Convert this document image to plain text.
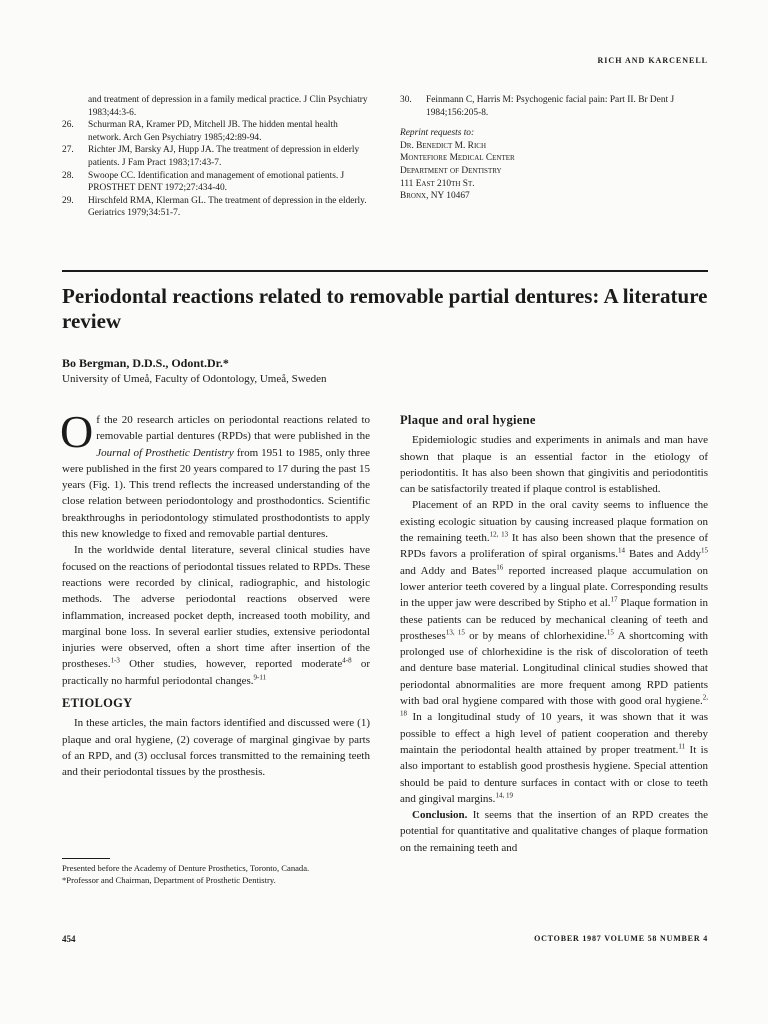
RICH AND KARCENELL
and treatment of depression in a family medical practice. J Clin Psychiatry 1983;44:3-6.
26.	Schurman RA, Kramer PD, Mitchell JB. The hidden mental health network. Arch Gen Psychiatry 1985;42:89-94.
27.	Richter JM, Barsky AJ, Hupp JA. The treatment of depression in elderly patients. J Fam Pract 1983;17:43-7.
28.	Swoope CC. Identification and management of emotional patients. J PROSTHET DENT 1972;27:434-40.
29.	Hirschfeld RMA, Klerman GL. The treatment of depression in the elderly. Geriatrics 1979;34:51-7.
30.	Feinmann C, Harris M: Psychogenic facial pain: Part II. Br Dent J 1984;156:205-8.
Reprint requests to:
Dr. Benedict M. Rich
Montefiore Medical Center
Department of Dentistry
111 East 210th St.
Bronx, NY 10467
Periodontal reactions related to removable partial dentures: A literature review
Bo Bergman, D.D.S., Odont.Dr.*
University of Umeå, Faculty of Odontology, Umeå, Sweden

Of the 20 research articles on periodontal reactions related to removable partial dentures (RPDs) that were published in the Journal of Prosthetic Dentistry from 1951 to 1985, only three were published in the first 20 years compared to 17 during the past 15 years (Fig. 1). This trend reflects the increased understanding of the close relation between periodontology and prosthodontics. Scientific breakthroughs in periodontology stimulated prosthodontists to apply this new knowledge to fixed and removable partial dentures.

In the worldwide dental literature, several clinical studies have focused on the reactions of periodontal tissues related to RPDs. These reactions were recorded by clinical, radiographic, and histologic methods. The adverse periodontal reactions observed were inflammation, increased pocket depth, increased tooth mobility, and marginal bone loss. In several earlier studies, extensive periodontal injuries were observed, often a short time after insertion of the prostheses.$^{1-3}$ Other studies, however, reported moderate$^{4-8}$ or practically no harmful periodontal changes.$^{9-11}$

ETIOLOGY

In these articles, the main factors identified and discussed were (1) plaque and oral hygiene, (2) coverage of marginal gingivae by parts of an RPD, and (3) occlusal forces transmitted to the remaining teeth and their periodontal tissues by the prosthesis.

Presented before the Academy of Denture Prosthetics, Toronto, Canada.
*Professor and Chairman, Department of Prosthetic Dentistry.
Plaque and oral hygiene

Epidemiologic studies and experiments in animals and man have shown that plaque is an essential factor in the etiology of periodontitis. It has also been shown that gingivitis and periodontitis can be satisfactorily treated if plaque control is established.

Placement of an RPD in the oral cavity seems to influence the existing ecologic situation by causing increased plaque formation on the remaining teeth.$^{12, 13}$ It has also been shown that the presence of RPDs favors a proliferation of spiral organisms.$^{14}$ Bates and Addy$^{15}$ and Addy and Bates$^{16}$ reported increased plaque accumulation on lower anterior teeth covered by a lingual plate. Corresponding results in the upper jaw were described by Stipho et al.$^{17}$ Plaque formation in these patients can be reduced by mechanical cleaning of teeth and prostheses$^{13, 15}$ or by means of chlorhexidine.$^{15}$ A shortcoming with prolonged use of chlorhexidine is the risk of discoloration of teeth and denture base material. Longitudinal clinical studies showed that periodontal abnormalities are more frequent among RPD patients with bad oral hygiene compared with those with good oral hygiene.$^{2, 18}$ In a longitudinal study of 10 years, it was shown that it was possible to effect a high level of patient cooperation and thereby maintain the periodontal health attained by proper treatment.$^{11}$ It is also important to establish good prosthesis hygiene. Special attention should be paid to denture surfaces in contact with or close to teeth and gingival margins.$^{14, 19}$

Conclusion. It seems that the insertion of an RPD creates the potential for quantitative and qualitative changes of plaque formation on the remaining teeth and

454	OCTOBER 1987 VOLUME 58 NUMBER 4
